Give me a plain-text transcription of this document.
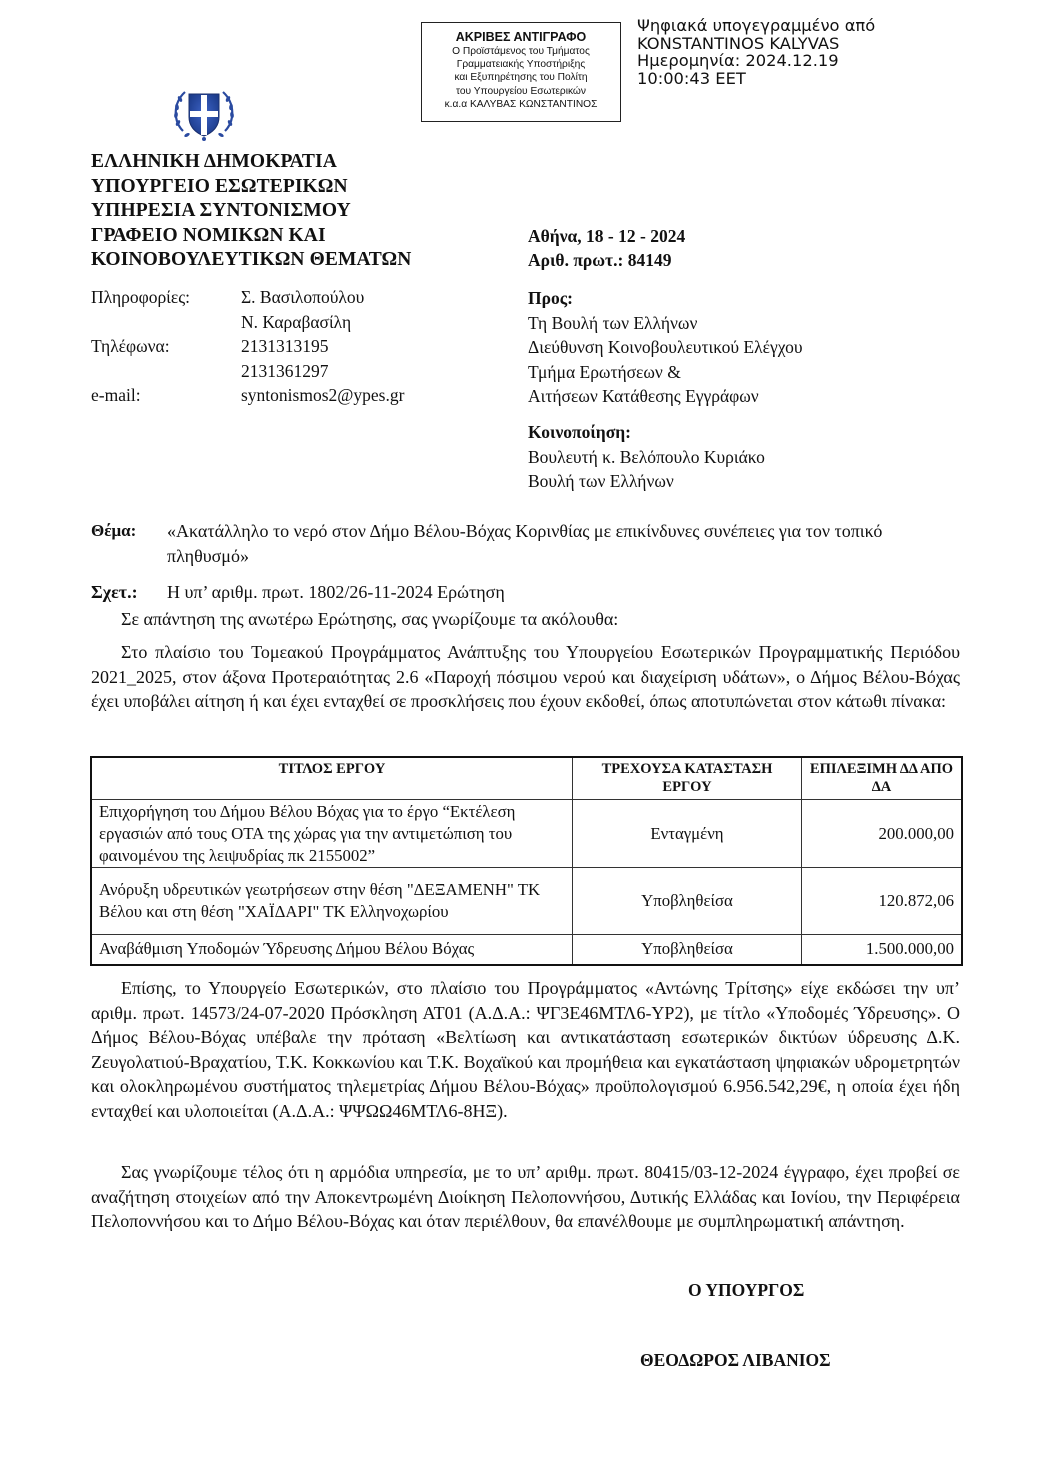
ΑΚΡΙΒΕΣ ΑΝΤΙΓΡΑΦΟ
Ο Προϊστάμενος του Τμήματος
Γραμματειακής Υποστήριξης
και Εξυπηρέτησης του Πολίτη
του Υπουργείου Εσωτερικών
κ.α.α ΚΑΛΥΒΑΣ ΚΩΝΣΤΑΝΤΙΝΟΣ
Ψηφιακά υπογεγραμμένο από
KONSTANTINOS KALYVAS
Ημερομηνία: 2024.12.19
10:00:43 EET
ΕΛΛΗΝΙΚΗ ΔΗΜΟΚΡΑΤΙΑ
ΥΠΟΥΡΓΕΙΟ ΕΣΩΤΕΡΙΚΩΝ
ΥΠΗΡΕΣΙΑ ΣΥΝΤΟΝΙΣΜΟΥ
ΓΡΑΦΕΙΟ ΝΟΜΙΚΩΝ ΚΑΙ
ΚΟΙΝΟΒΟΥΛΕΥΤΙΚΩΝ ΘΕΜΑΤΩΝ
Αθήνα, 18 - 12 - 2024
Αριθ. πρωτ.: 84149
Πληροφορίες:	Σ. Βασιλοπούλου
Ν. Καραβασίλη
Τηλέφωνα:	2131313195
2131361297
e-mail:	syntonismos2@ypes.gr
Προς:
Τη Βουλή των Ελλήνων
Διεύθυνση Κοινοβουλευτικού Ελέγχου
Τμήμα Ερωτήσεων &
Αιτήσεων Κατάθεσης Εγγράφων
Κοινοποίηση:
Βουλευτή κ. Βελόπουλο Κυριάκο
Βουλή των Ελλήνων
Θέμα:	«Ακατάλληλο το νερό στον Δήμο Βέλου-Βόχας Κορινθίας με επικίνδυνες συνέπειες για τον τοπικό πληθυσμό»
Σχετ.:	Η υπ’ αριθμ. πρωτ. 1802/26-11-2024 Ερώτηση
Σε απάντηση της ανωτέρω Ερώτησης, σας γνωρίζουμε τα ακόλουθα:
Στο πλαίσιο του Τομεακού Προγράμματος Ανάπτυξης του Υπουργείου Εσωτερικών Προγραμματικής Περιόδου 2021_2025, στον άξονα Προτεραιότητας 2.6 «Παροχή πόσιμου νερού και διαχείριση υδάτων», ο Δήμος Βέλου-Βόχας έχει υποβάλει αίτηση ή και έχει ενταχθεί σε προσκλήσεις που έχουν εκδοθεί, όπως αποτυπώνεται στον κάτωθι πίνακα:
ΤΙΤΛΟΣ ΕΡΓΟΥ	ΤΡΕΧΟΥΣΑ ΚΑΤΑΣΤΑΣΗ ΕΡΓΟΥ	ΕΠΙΛΕΞΙΜΗ ΔΔ ΑΠΟ ΔΑ
Επιχορήγηση του Δήμου Βέλου Βόχας για το έργο “Εκτέλεση εργασιών από τους ΟΤΑ της χώρας για την αντιμετώπιση του φαινομένου της λειψυδρίας πκ 2155002”	Ενταγμένη	200.000,00
Ανόρυξη υδρευτικών γεωτρήσεων στην θέση "ΔΕΞΑΜΕΝΗ" ΤΚ Βέλου και στη θέση "ΧΑΪΔΑΡΙ" ΤΚ Ελληνοχωρίου	Υποβληθείσα	120.872,06
Αναβάθμιση Υποδομών Ύδρευσης Δήμου Βέλου Βόχας	Υποβληθείσα	1.500.000,00
Επίσης, το Υπουργείο Εσωτερικών, στο πλαίσιο του Προγράμματος «Αντώνης Τρίτσης» είχε εκδώσει την υπ’ αριθμ. πρωτ. 14573/24-07-2020 Πρόσκληση ΑΤ01 (Α.Δ.Α.: ΨΓ3Ε46ΜΤΛ6-ΥΡ2), με τίτλο «Υποδομές Ύδρευσης». Ο Δήμος Βέλου-Βόχας υπέβαλε την πρόταση «Βελτίωση και αντικατάσταση εσωτερικών δικτύων ύδρευσης Δ.Κ. Ζευγολατιού-Βραχατίου, Τ.Κ. Κοκκωνίου και Τ.Κ. Βοχαϊκού και προμήθεια και εγκατάσταση ψηφιακών υδρομετρητών και ολοκληρωμένου συστήματος τηλεμετρίας Δήμου Βέλου-Βόχας» προϋπολογισμού 6.956.542,29€, η οποία έχει ήδη ενταχθεί και υλοποιείται (Α.Δ.Α.: ΨΨΩΩ46ΜΤΛ6-8ΗΞ).
Σας γνωρίζουμε τέλος ότι η αρμόδια υπηρεσία, με το υπ’ αριθμ. πρωτ. 80415/03-12-2024 έγγραφο, έχει προβεί σε αναζήτηση στοιχείων από την Αποκεντρωμένη Διοίκηση Πελοποννήσου, Δυτικής Ελλάδας και Ιονίου, την Περιφέρεια Πελοποννήσου και το Δήμο Βέλου-Βόχας και όταν περιέλθουν, θα επανέλθουμε με συμπληρωματική απάντηση.
Ο ΥΠΟΥΡΓΟΣ
ΘΕΟΔΩΡΟΣ ΛΙΒΑΝΙΟΣ
